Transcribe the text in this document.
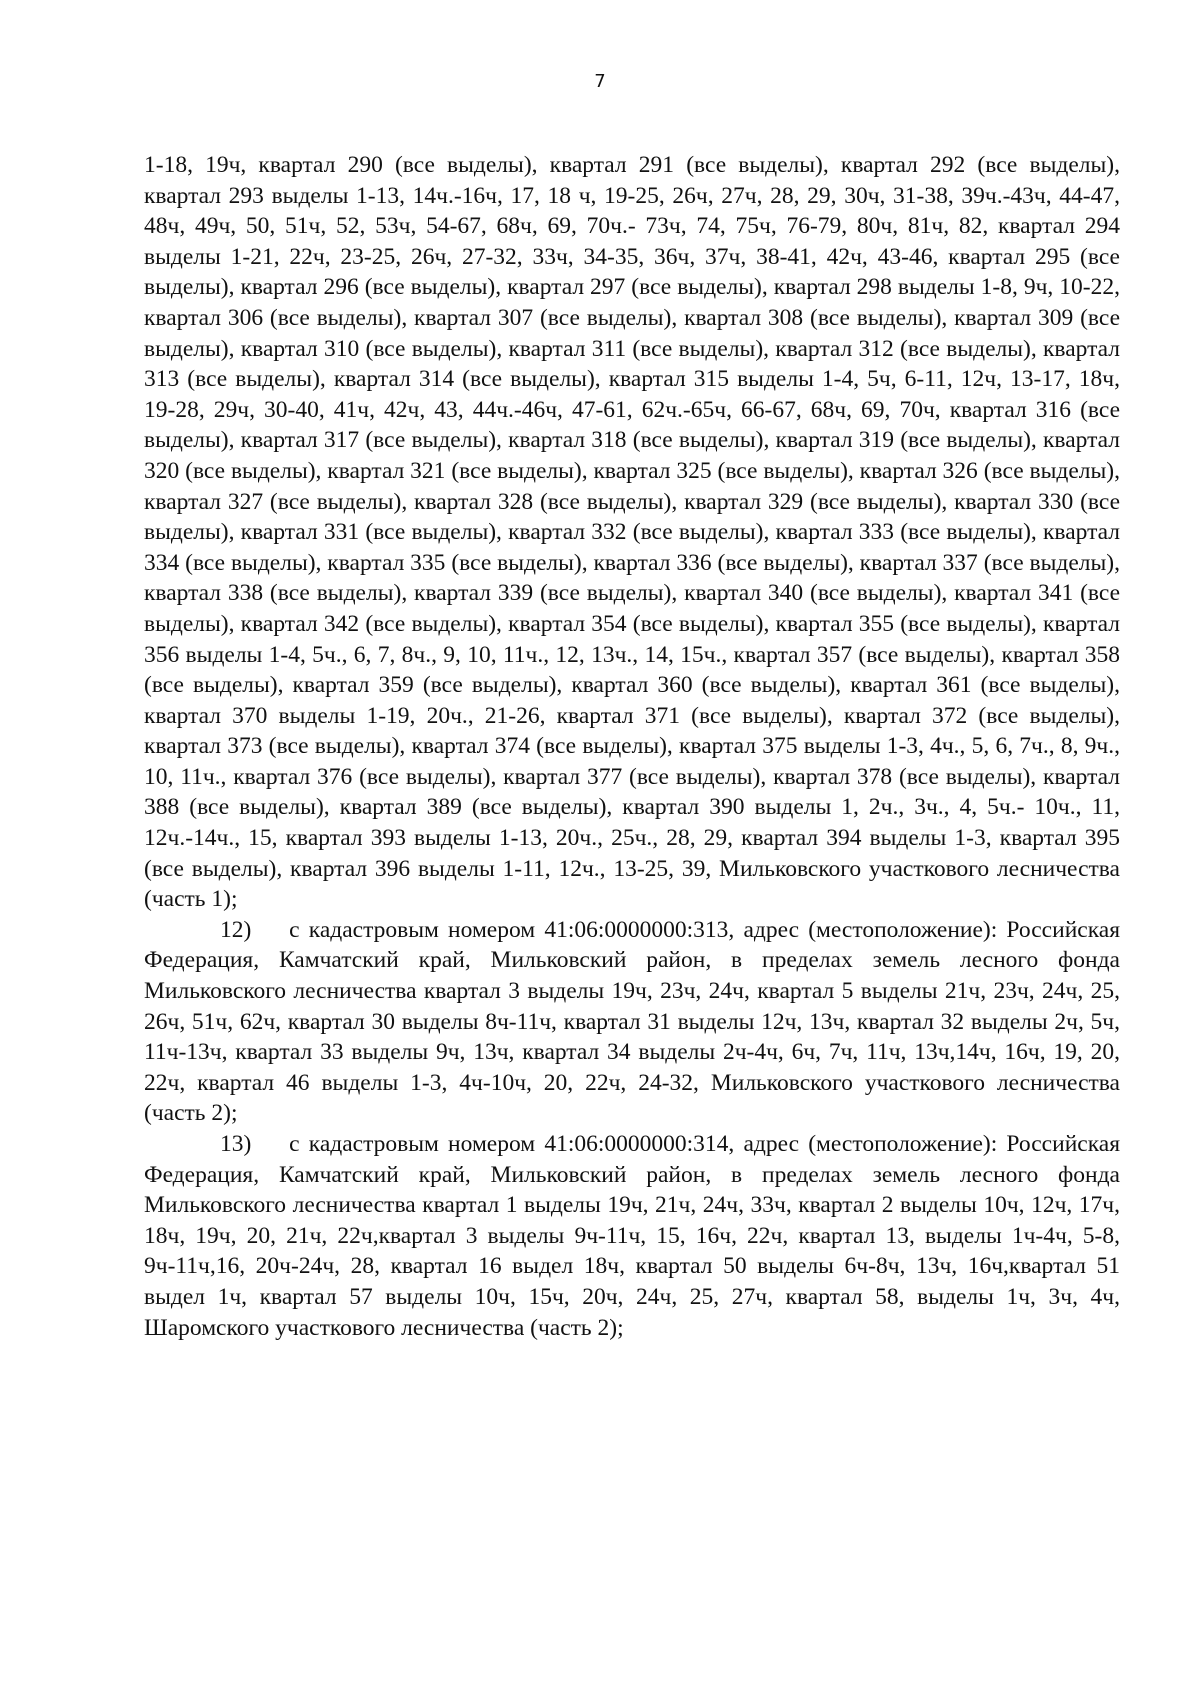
7

1-18, 19ч, квартал 290 (все выделы), квартал 291 (все выделы), квартал 292 (все выделы), квартал 293 выделы 1-13, 14ч.-16ч, 17, 18 ч, 19-25, 26ч, 27ч, 28, 29, 30ч, 31-38, 39ч.-43ч, 44-47, 48ч, 49ч, 50, 51ч, 52, 53ч, 54-67, 68ч, 69, 70ч.- 73ч, 74, 75ч, 76-79, 80ч, 81ч, 82, квартал 294 выделы 1-21, 22ч, 23-25, 26ч, 27-32, 33ч, 34-35, 36ч, 37ч, 38-41, 42ч, 43-46, квартал 295 (все выделы), квартал 296 (все выделы), квартал 297 (все выделы), квартал 298 выделы 1-8, 9ч, 10-22, квартал 306 (все выделы), квартал 307 (все выделы), квартал 308 (все выделы), квартал 309 (все выделы), квартал 310 (все выделы), квартал 311 (все выделы), квартал 312 (все выделы), квартал 313 (все выделы), квартал 314 (все выделы), квартал 315 выделы 1-4, 5ч, 6-11, 12ч, 13-17, 18ч, 19-28, 29ч, 30-40, 41ч, 42ч, 43, 44ч.-46ч, 47-61, 62ч.-65ч, 66-67, 68ч, 69, 70ч, квартал 316 (все выделы), квартал 317 (все выделы), квартал 318 (все выделы), квартал 319 (все выделы), квартал 320 (все выделы), квартал 321 (все выделы), квартал 325 (все выделы), квартал 326 (все выделы), квартал 327 (все выделы), квартал 328 (все выделы), квартал 329 (все выделы), квартал 330 (все выделы), квартал 331 (все выделы), квартал 332 (все выделы), квартал 333 (все выделы), квартал 334 (все выделы), квартал 335 (все выделы), квартал 336 (все выделы), квартал 337 (все выделы), квартал 338 (все выделы), квартал 339 (все выделы), квартал 340 (все выделы), квартал 341 (все выделы), квартал 342 (все выделы), квартал 354 (все выделы), квартал 355 (все выделы), квартал 356 выделы 1-4, 5ч., 6, 7, 8ч., 9, 10, 11ч., 12, 13ч., 14, 15ч., квартал 357 (все выделы), квартал 358 (все выделы), квартал 359 (все выделы), квартал 360 (все выделы), квартал 361 (все выделы), квартал 370 выделы 1-19, 20ч., 21-26, квартал 371 (все выделы), квартал 372 (все выделы), квартал 373 (все выделы), квартал 374 (все выделы), квартал 375 выделы 1-3, 4ч., 5, 6, 7ч., 8, 9ч., 10, 11ч., квартал 376 (все выделы), квартал 377 (все выделы), квартал 378 (все выделы), квартал 388 (все выделы), квартал 389 (все выделы), квартал 390 выделы 1, 2ч., 3ч., 4, 5ч.- 10ч., 11, 12ч.-14ч., 15, квартал 393 выделы 1-13, 20ч., 25ч., 28, 29, квартал 394 выделы 1-3, квартал 395 (все выделы), квартал 396 выделы 1-11, 12ч., 13-25, 39, Мильковского участкового лесничества (часть 1);

12) с кадастровым номером 41:06:0000000:313, адрес (местоположение): Российская Федерация, Камчатский край, Мильковский район, в пределах земель лесного фонда Мильковского лесничества квартал 3 выделы 19ч, 23ч, 24ч, квартал 5 выделы 21ч, 23ч, 24ч, 25, 26ч, 51ч, 62ч, квартал 30 выделы 8ч-11ч, квартал 31 выделы 12ч, 13ч, квартал 32 выделы 2ч, 5ч, 11ч-13ч, квартал 33 выделы 9ч, 13ч, квартал 34 выделы 2ч-4ч, 6ч, 7ч, 11ч, 13ч,14ч, 16ч, 19, 20, 22ч, квартал 46 выделы 1-3, 4ч-10ч, 20, 22ч, 24-32, Мильковского участкового лесничества (часть 2);

13) с кадастровым номером 41:06:0000000:314, адрес (местоположение): Российская Федерация, Камчатский край, Мильковский район, в пределах земель лесного фонда Мильковского лесничества квартал 1 выделы 19ч, 21ч, 24ч, 33ч, квартал 2 выделы 10ч, 12ч, 17ч, 18ч, 19ч, 20, 21ч, 22ч,квартал 3 выделы 9ч-11ч, 15, 16ч, 22ч, квартал 13, выделы 1ч-4ч, 5-8, 9ч-11ч,16, 20ч-24ч, 28, квартал 16 выдел 18ч, квартал 50 выделы 6ч-8ч, 13ч, 16ч,квартал 51 выдел 1ч, квартал 57 выделы 10ч, 15ч, 20ч, 24ч, 25, 27ч, квартал 58, выделы 1ч, 3ч, 4ч, Шаромского участкового лесничества (часть 2);
